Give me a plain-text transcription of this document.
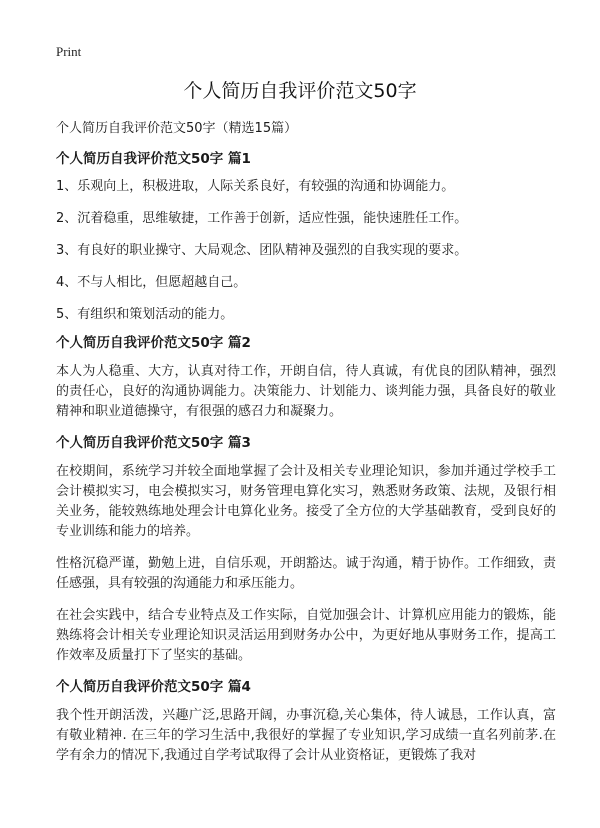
Print
个人简历自我评价范文50字

个人简历自我评价范文50字（精选15篇）

个人简历自我评价范文50字 篇1

1、乐观向上，积极进取，人际关系良好，有较强的沟通和协调能力。

2、沉着稳重，思维敏捷，工作善于创新，适应性强，能快速胜任工作。

3、有良好的职业操守、大局观念、团队精神及强烈的自我实现的要求。

4、不与人相比，但愿超越自己。

5、有组织和策划活动的能力。

个人简历自我评价范文50字 篇2

本人为人稳重、大方，认真对待工作，开朗自信，待人真诚，有优良的团队精神，强烈的责任心，良好的沟通协调能力。决策能力、计划能力、谈判能力强，具备良好的敬业精神和职业道德操守，有很强的感召力和凝聚力。

个人简历自我评价范文50字 篇3

在校期间，系统学习并较全面地掌握了会计及相关专业理论知识，参加并通过学校手工会计模拟实习，电会模拟实习，财务管理电算化实习，熟悉财务政策、法规，及银行相关业务，能较熟练地处理会计电算化业务。接受了全方位的大学基础教育，受到良好的专业训练和能力的培养。

性格沉稳严谨，勤勉上进，自信乐观，开朗豁达。诚于沟通，精于协作。工作细致，责任感强，具有较强的沟通能力和承压能力。

在社会实践中，结合专业特点及工作实际，自觉加强会计、计算机应用能力的锻炼，能熟练将会计相关专业理论知识灵活运用到财务办公中，为更好地从事财务工作，提高工作效率及质量打下了坚实的基础。

个人简历自我评价范文50字 篇4

我个性开朗活泼，兴趣广泛,思路开阔，办事沉稳,关心集体，待人诚恳，工作认真，富有敬业精神. 在三年的学习生活中,我很好的掌握了专业知识,学习成绩一直名列前茅.在学有余力的情况下,我通过自学考试取得了会计从业资格证，更锻炼了我对
